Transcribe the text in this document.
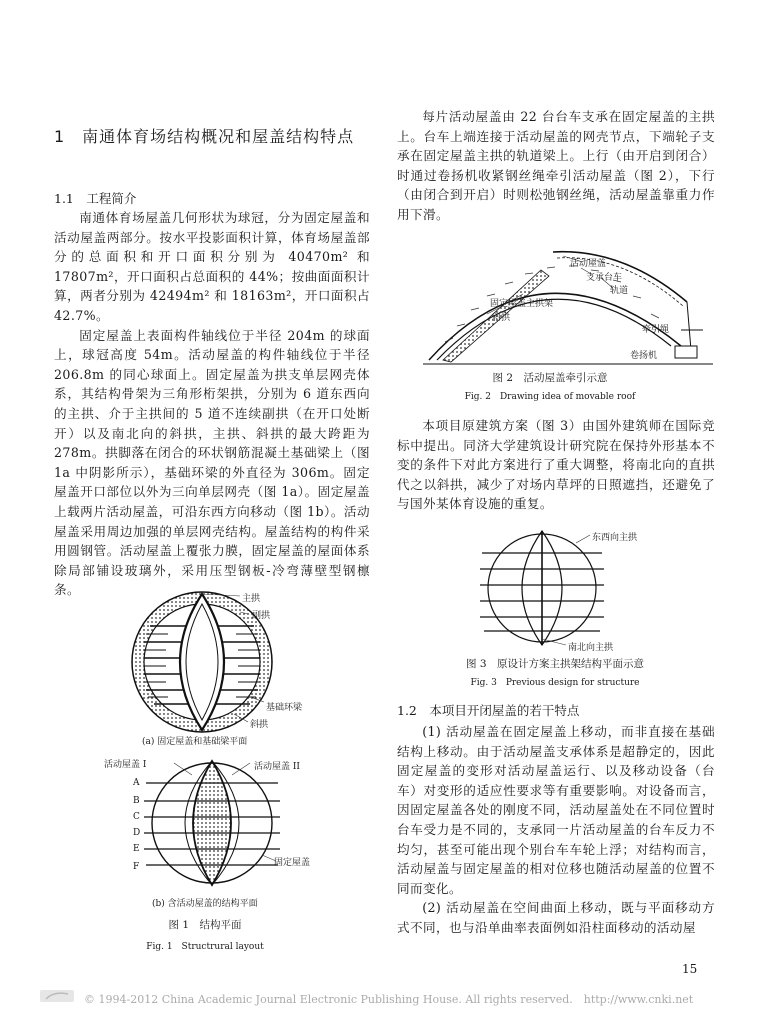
1　南通体育场结构概况和屋盖结构特点
1.1　工程简介

南通体育场屋盖几何形状为球冠，分为固定屋盖和活动屋盖两部分。按水平投影面积计算，体育场屋盖部分的总面积和开口面积分别为 40470m² 和 17807m²，开口面积占总面积的 44%；按曲面面积计算，两者分别为 42494m² 和 18163m²，开口面积占 42.7%。

固定屋盖上表面构件轴线位于半径 204m 的球面上，球冠高度 54m。活动屋盖的构件轴线位于半径 206.8m 的同心球面上。固定屋盖为拱支单层网壳体系，其结构骨架为三角形桁架拱，分别为 6 道东西向的主拱、介于主拱间的 5 道不连续副拱（在开口处断开）以及南北向的斜拱，主拱、斜拱的最大跨距为 278m。拱脚落在闭合的环状钢筋混凝土基础梁上（图 1a 中阴影所示），基础环梁的外直径为 306m。固定屋盖开口部位以外为三向单层网壳（图 1a）。固定屋盖上载两片活动屋盖，可沿东西方向移动（图 1b）。活动屋盖采用周边加强的单层网壳结构。屋盖结构的构件采用圆钢管。活动屋盖上覆张力膜，固定屋盖的屋面体系除局部铺设玻璃外，采用压型钢板-冷弯薄壁型钢檩条。

主拱
副拱
基础环梁
斜拱
(a) 固定屋盖和基础梁平面
活动屋盖 I	活动屋盖 II
固定屋盖
A
B
C
D
E
F
(b) 含活动屋盖的结构平面
图 1　结构平面
Fig. 1　Structrural layout

每片活动屋盖由 22 台台车支承在固定屋盖的主拱上。台车上端连接于活动屋盖的网壳节点，下端轮子支承在固定屋盖主拱的轨道梁上。上行（由开启到闭合）时通过卷扬机收紧钢丝绳牵引活动屋盖（图 2），下行（由闭合到开启）时则松弛钢丝绳，活动屋盖靠重力作用下滑。

活动屋盖
支承台车
轨道
固定屋盖主拱架
斜拱
牵引绳
卷扬机
图 2　活动屋盖牵引示意
Fig. 2　Drawing idea of movable roof

本项目原建筑方案（图 3）由国外建筑师在国际竞标中提出。同济大学建筑设计研究院在保持外形基本不变的条件下对此方案进行了重大调整，将南北向的直拱代之以斜拱，减少了对场内草坪的日照遮挡，还避免了与国外某体育设施的重复。

东西向主拱
南北向主拱
图 3　原设计方案主拱架结构平面示意
Fig. 3　Previous design for structure
1.2　本项目开闭屋盖的若干特点

(1) 活动屋盖在固定屋盖上移动，而非直接在基础结构上移动。由于活动屋盖支承体系是超静定的，因此固定屋盖的变形对活动屋盖运行、以及移动设备（台车）对变形的适应性要求等有重要影响。对设备而言，因固定屋盖各处的刚度不同，活动屋盖处在不同位置时台车受力是不同的，支承同一片活动屋盖的台车反力不均匀，甚至可能出现个别台车车轮上浮；对结构而言，活动屋盖与固定屋盖的相对位移也随活动屋盖的位置不同而变化。

(2) 活动屋盖在空间曲面上移动，既与平面移动方式不同，也与沿单曲率表面例如沿柱面移动的活动屋

15
© 1994-2012 China Academic Journal Electronic Publishing House. All rights reserved.　http://www.cnki.net
